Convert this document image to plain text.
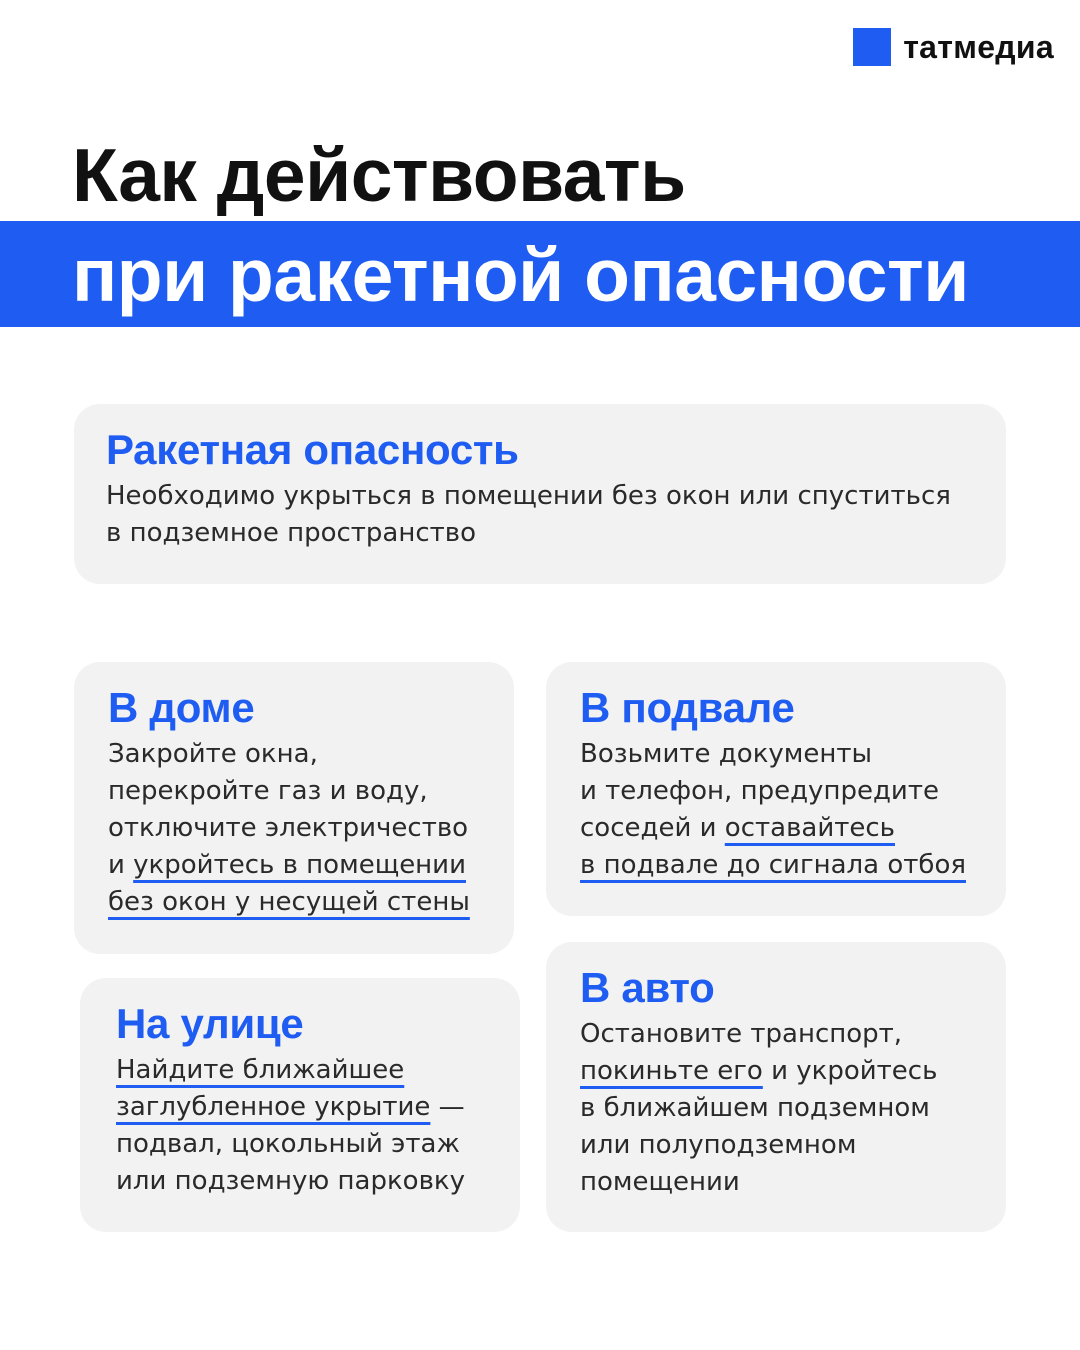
татмедиа
Как действовать
при ракетной опасности
Ракетная опасность
Необходимо укрыться в помещении без окон или спуститься
в подземное пространство
В доме
Закройте окна,
перекройте газ и воду,
отключите электричество
и укройтесь в помещении
без окон у несущей стены
В подвале
Возьмите документы
и телефон, предупредите
соседей и оставайтесь
в подвале до сигнала отбоя
На улице
Найдите ближайшее
заглубленное укрытие —
подвал, цокольный этаж
или подземную парковку
В авто
Остановите транспорт,
покиньте его и укройтесь
в ближайшем подземном
или полуподземном
помещении
